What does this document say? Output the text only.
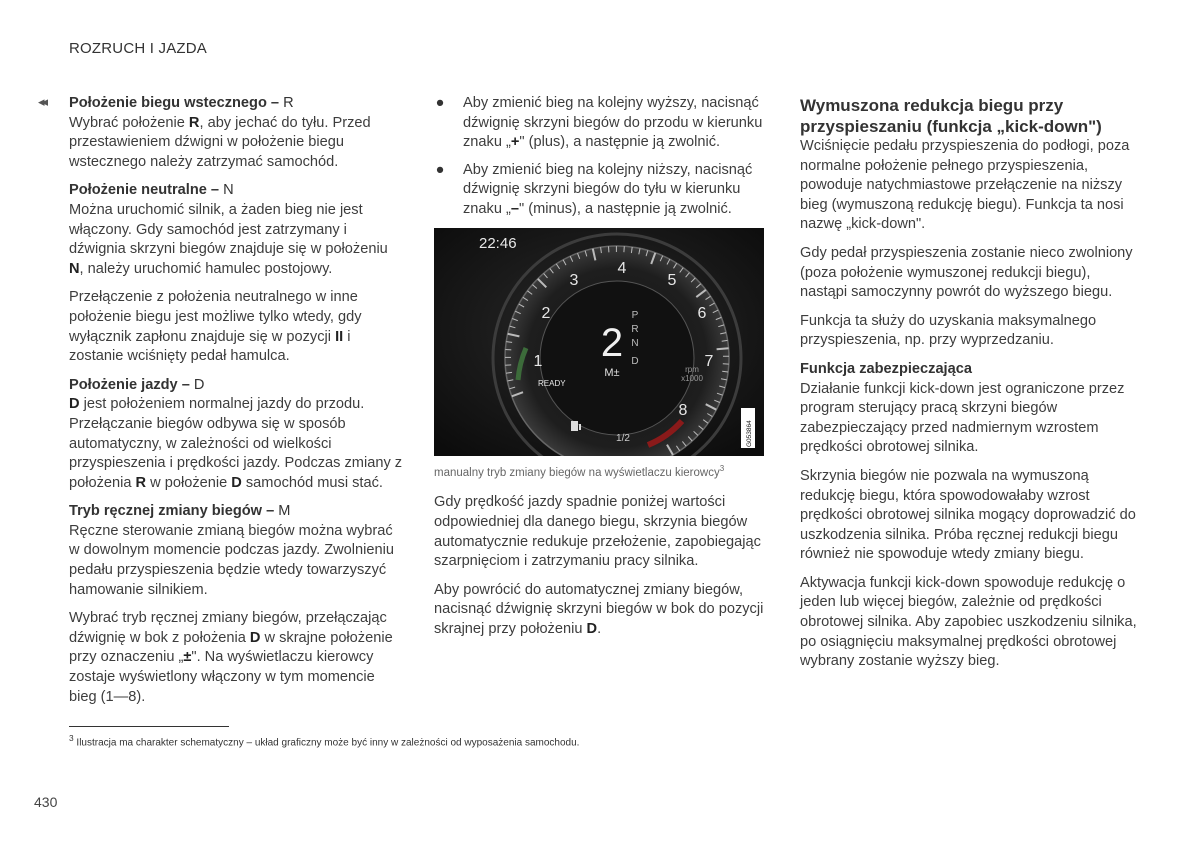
ROZRUCH I JAZDA
◂◂ Położenie biegu wstecznego – R

Wybrać położenie R, aby jechać do tyłu. Przed przestawieniem dźwigni w położenie biegu wstecznego należy zatrzymać samochód.

Położenie neutralne – N

Można uruchomić silnik, a żaden bieg nie jest włączony. Gdy samochód jest zatrzymany i dźwignia skrzyni biegów znajduje się w położeniu N, należy uruchomić hamulec postojowy.

Przełączenie z położenia neutralnego w inne położenie biegu jest możliwe tylko wtedy, gdy wyłącznik zapłonu znajduje się w pozycji II i zostanie wciśnięty pedał hamulca.

Położenie jazdy – D

D jest położeniem normalnej jazdy do przodu. Przełączanie biegów odbywa się w sposób automatyczny, w zależności od wielkości przyspieszenia i prędkości jazdy. Podczas zmiany z położenia R w położenie D samochód musi stać.

Tryb ręcznej zmiany biegów – M

Ręczne sterowanie zmianą biegów można wybrać w dowolnym momencie podczas jazdy. Zwolnieniu pedału przyspieszenia będzie wtedy towarzyszyć hamowanie silnikiem.

Wybrać tryb ręcznej zmiany biegów, przełączając dźwignię w bok z położenia D w skrajne położenie przy oznaczeniu „±". Na wyświetlaczu kierowcy zostaje wyświetlony włączony w tym momencie bieg (1—8).

● Aby zmienić bieg na kolejny wyższy, nacisnąć dźwignię skrzyni biegów do przodu w kierunku znaku „+" (plus), a następnie ją zwolnić.
● Aby zmienić bieg na kolejny niższy, nacisnąć dźwignię skrzyni biegów do tyłu w kierunku znaku „–" (minus), a następnie ją zwolnić.
22:46
1
2
3
4
5
6
7
8
2
M±
P
R
N
D
rpm
x1000
READY
1/2	G053864
manualny tryb zmiany biegów na wyświetlaczu kierowcy$^3$

Gdy prędkość jazdy spadnie poniżej wartości odpowiedniej dla danego biegu, skrzynia biegów automatycznie redukuje przełożenie, zapobiegając szarpnięciom i zatrzymaniu pracy silnika.

Aby powrócić do automatycznej zmiany biegów, nacisnąć dźwignię skrzyni biegów w bok do pozycji skrajnej przy położeniu D.

Wymuszona redukcja biegu przy przyspieszaniu (funkcja „kick-down")

Wciśnięcie pedału przyspieszenia do podłogi, poza normalne położenie pełnego przyspieszenia, powoduje natychmiastowe przełączenie na niższy bieg (wymuszoną redukcję biegu). Funkcja ta nosi nazwę „kick-down".

Gdy pedał przyspieszenia zostanie nieco zwolniony (poza położenie wymuszonej redukcji biegu), nastąpi samoczynny powrót do wyższego biegu.

Funkcja ta służy do uzyskania maksymalnego przyspieszenia, np. przy wyprzedzaniu.

Funkcja zabezpieczająca

Działanie funkcji kick-down jest ograniczone przez program sterujący pracą skrzyni biegów zabezpieczający przed nadmiernym wzrostem prędkości obrotowej silnika.

Skrzynia biegów nie pozwala na wymuszoną redukcję biegu, która spowodowałaby wzrost prędkości obrotowej silnika mogący doprowadzić do uszkodzenia silnika. Próba ręcznej redukcji biegu również nie spowoduje wtedy zmiany biegu.

Aktywacja funkcji kick-down spowoduje redukcję o jeden lub więcej biegów, zależnie od prędkości obrotowej silnika. Aby zapobiec uszkodzeniu silnika, po osiągnięciu maksymalnej prędkości obrotowej wybrany zostanie wyższy bieg.

$^3$ Ilustracja ma charakter schematyczny – układ graficzny może być inny w zależności od wyposażenia samochodu.
430
